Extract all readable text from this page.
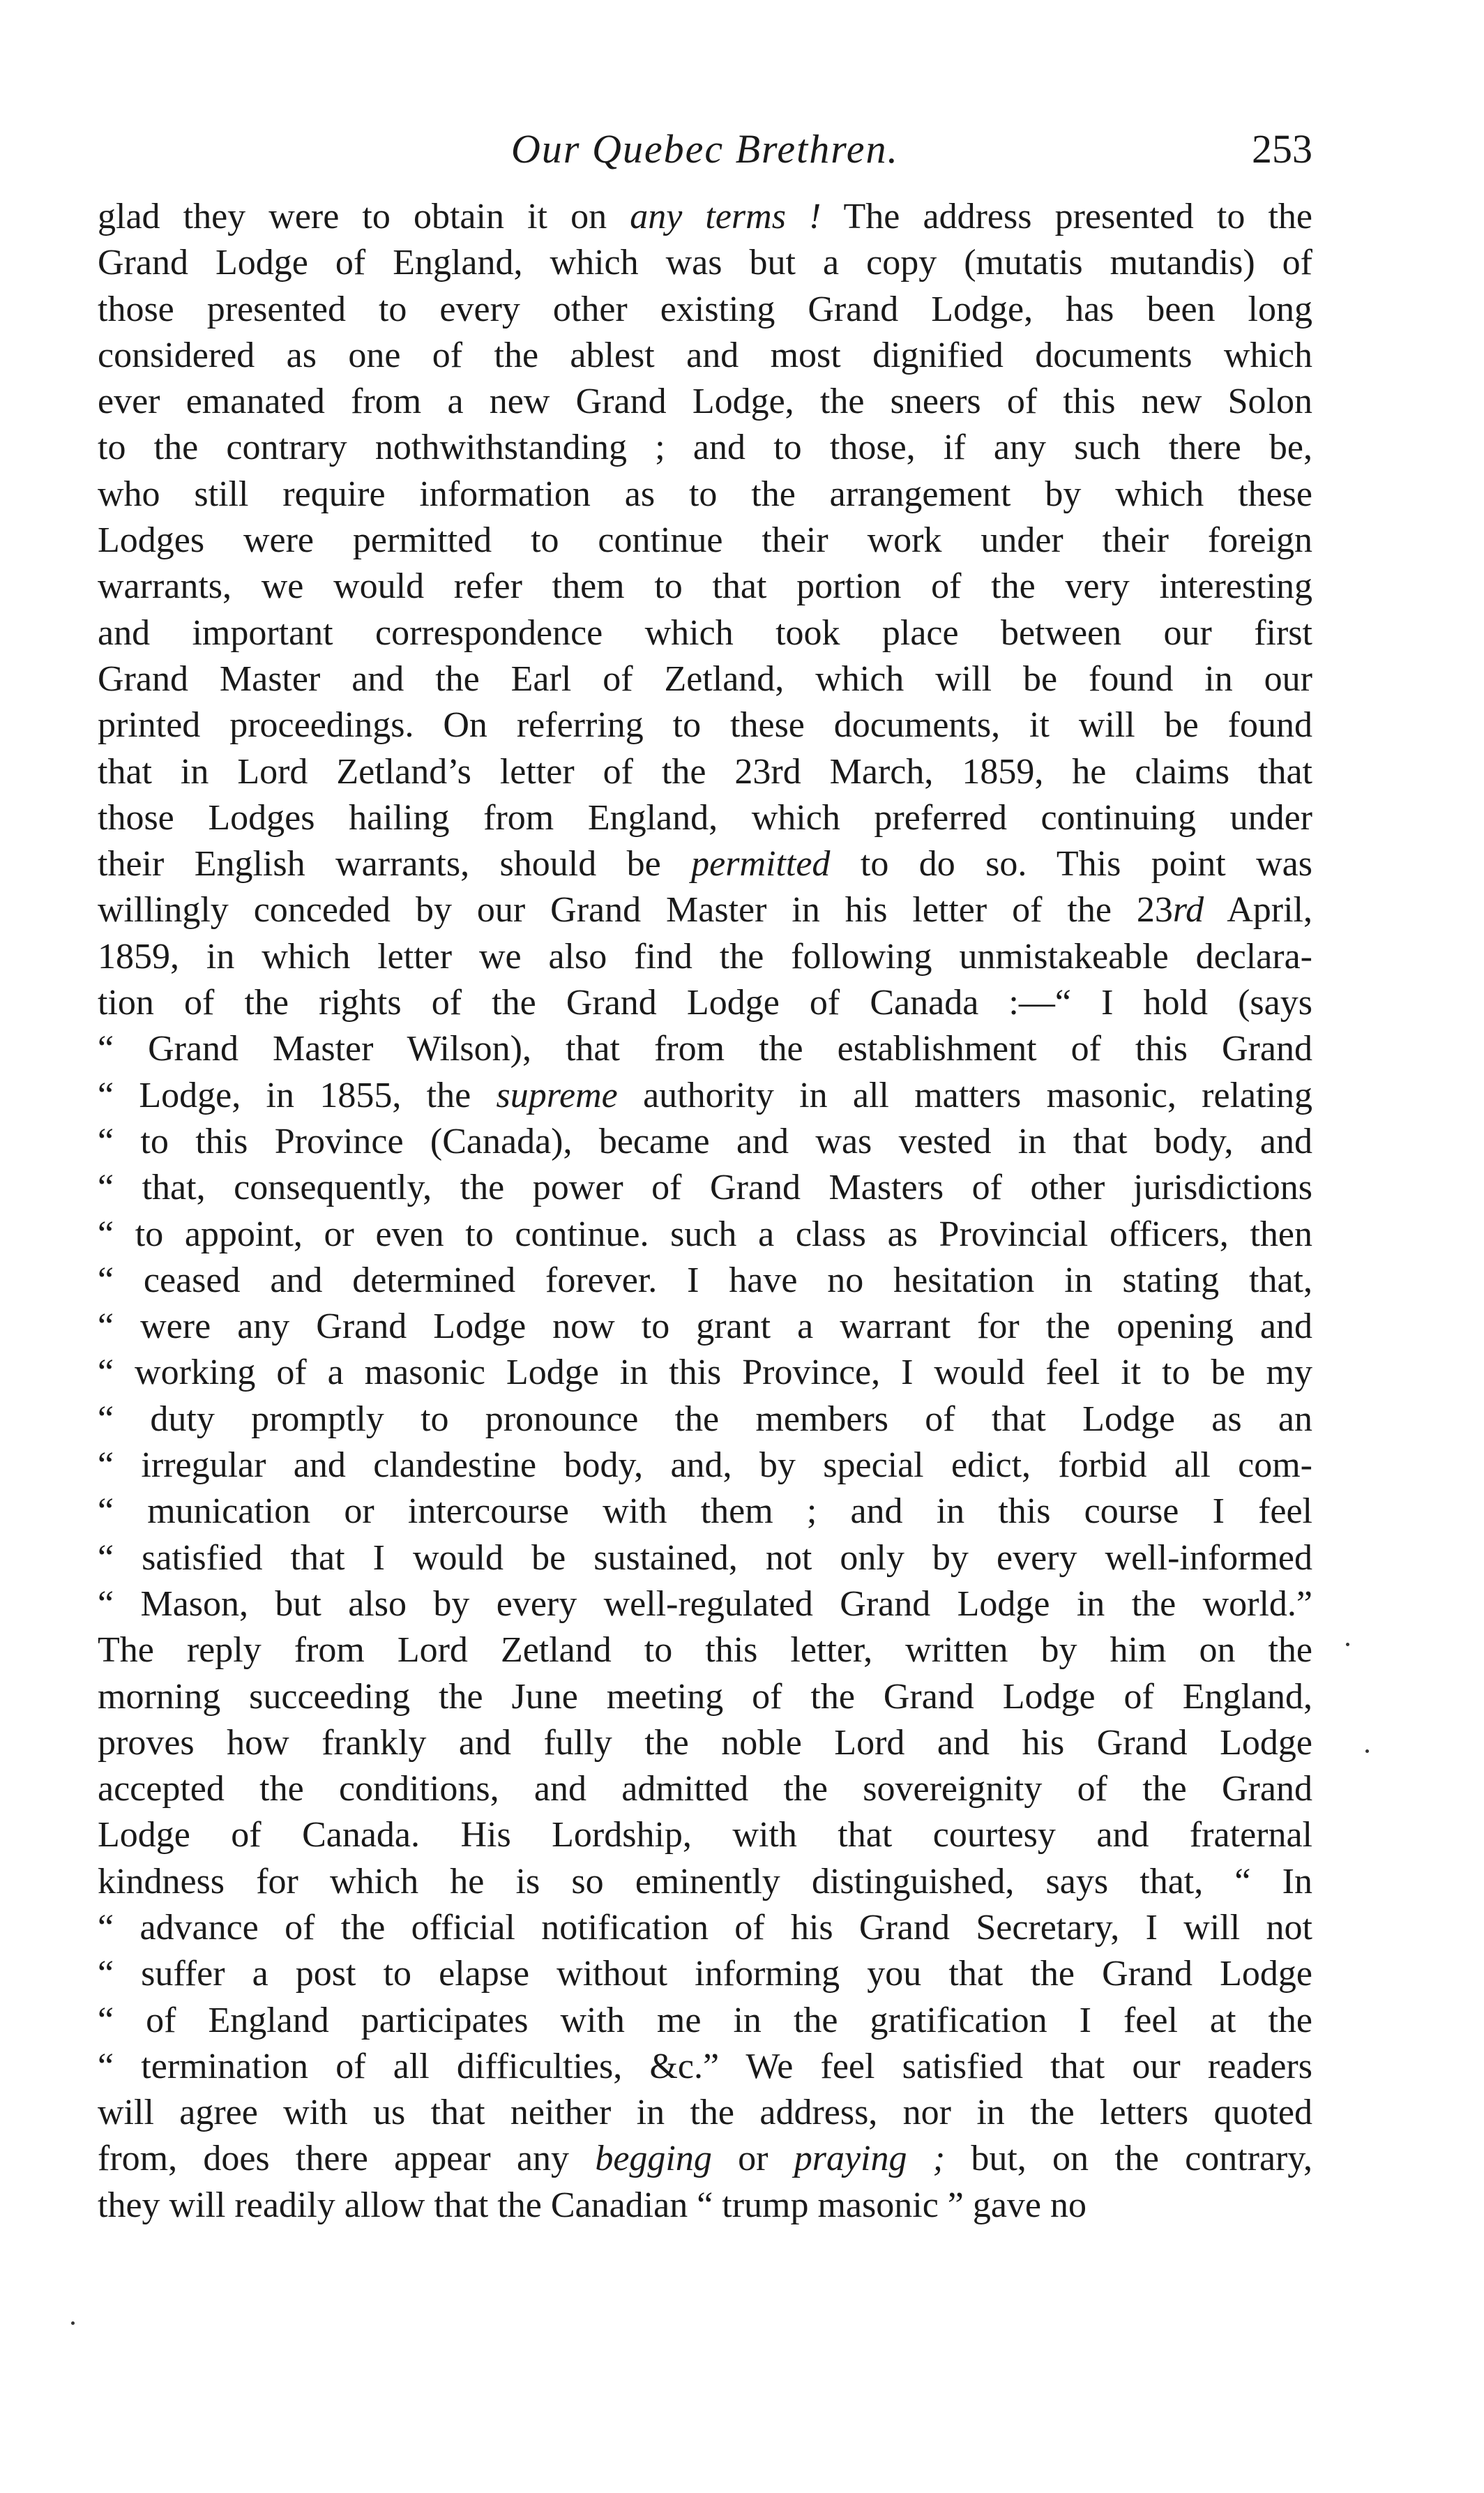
Our Quebec Brethren.	253
glad they were to obtain it on any terms ! The address presented to the
Grand Lodge of England, which was but a copy (mutatis mutandis) of
those presented to every other existing Grand Lodge, has been long
considered as one of the ablest and most dignified documents which
ever emanated from a new Grand Lodge, the sneers of this new Solon
to the contrary nothwithstanding ; and to those, if any such there be,
who still require information as to the arrangement by which these
Lodges were permitted to continue their work under their foreign
warrants, we would refer them to that portion of the very interesting
and important correspondence which took place between our first
Grand Master and the Earl of Zetland, which will be found in our
printed proceedings. On referring to these documents, it will be found
that in Lord Zetland’s letter of the 23rd March, 1859, he claims that
those Lodges hailing from England, which preferred continuing under
their English warrants, should be permitted to do so. This point was
willingly conceded by our Grand Master in his letter of the 23rd April,
1859, in which letter we also find the following unmistakeable declara-
tion of the rights of the Grand Lodge of Canada :—“ I hold (says
“ Grand Master Wilson), that from the establishment of this Grand
“ Lodge, in 1855, the supreme authority in all matters masonic, relating
“ to this Province (Canada), became and was vested in that body, and
“ that, consequently, the power of Grand Masters of other jurisdictions
“ to appoint, or even to continue. such a class as Provincial officers, then
“ ceased and determined forever. I have no hesitation in stating that,
“ were any Grand Lodge now to grant a warrant for the opening and
“ working of a masonic Lodge in this Province, I would feel it to be my
“ duty promptly to pronounce the members of that Lodge as an
“ irregular and clandestine body, and, by special edict, forbid all com-
“ munication or intercourse with them ; and in this course I feel
“ satisfied that I would be sustained, not only by every well-informed
“ Mason, but also by every well-regulated Grand Lodge in the world.”
The reply from Lord Zetland to this letter, written by him on the
morning succeeding the June meeting of the Grand Lodge of England,
proves how frankly and fully the noble Lord and his Grand Lodge
accepted the conditions, and admitted the sovereignity of the Grand
Lodge of Canada. His Lordship, with that courtesy and fraternal
kindness for which he is so eminently distinguished, says that, “ In
“ advance of the official notification of his Grand Secretary, I will not
“ suffer a post to elapse without informing you that the Grand Lodge
“ of England participates with me in the gratification I feel at the
“ termination of all difficulties, &c.” We feel satisfied that our readers
will agree with us that neither in the address, nor in the letters quoted
from, does there appear any begging or praying ; but, on the contrary,
they will readily allow that the Canadian “ trump masonic ” gave no
